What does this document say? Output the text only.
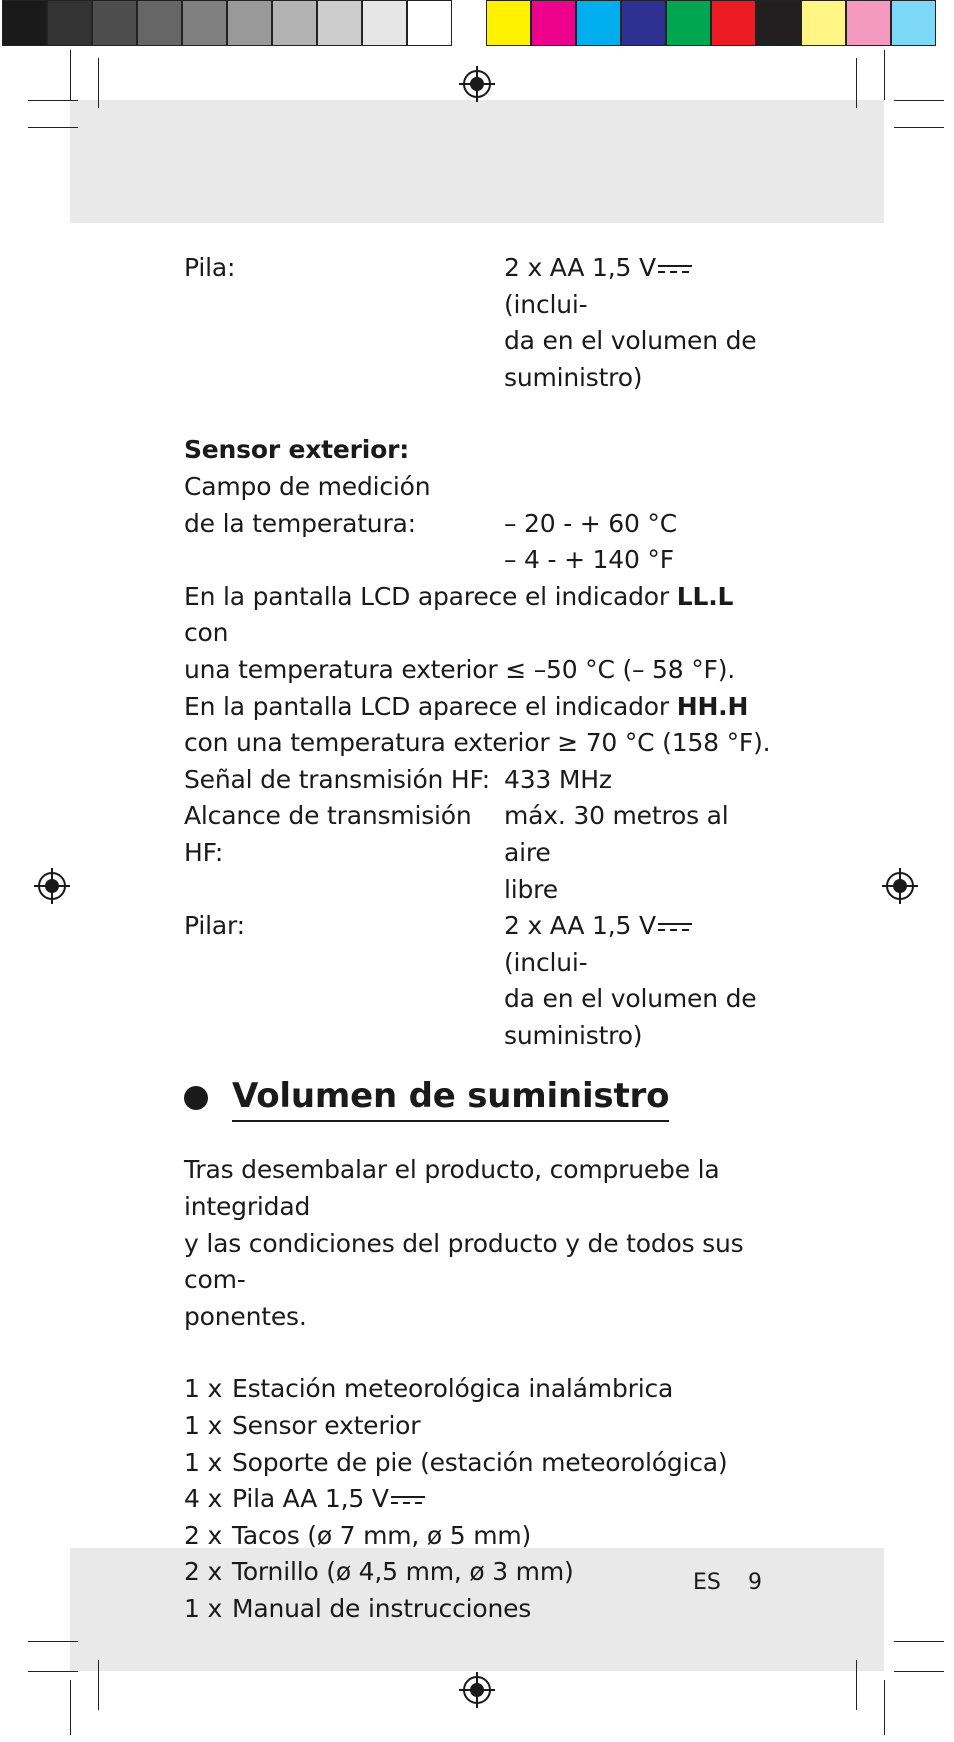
Pila:	2 x AA 1,5 V (inclui-
da en el volumen de
suministro)
Sensor exterior:
Campo de medición
de la temperatura:	– 20 - + 60 °C
– 4 - + 140 °F
En la pantalla LCD aparece el indicador LL.L con
una temperatura exterior ≤ –50 °C (– 58 °F).
En la pantalla LCD aparece el indicador HH.H
con una temperatura exterior ≥ 70 °C (158 °F).
Señal de transmisión HF: 433 MHz
Alcance de transmisión HF:
máx. 30 metros al aire
libre
Pilar:	2 x AA 1,5 V (inclui-
da en el volumen de
suministro)
Volumen de suministro
Tras desembalar el producto, compruebe la integridad
y las condiciones del producto y de todos sus com-
ponentes.
1 x Estación meteorológica inalámbrica
1 x Sensor exterior
1 x Soporte de pie (estación meteorológica)
4 x Pila AA 1,5 V
2 x Tacos (ø 7 mm, ø 5 mm)
2 x Tornillo (ø 4,5 mm, ø 3 mm)
1 x Manual de instrucciones
ES 9
